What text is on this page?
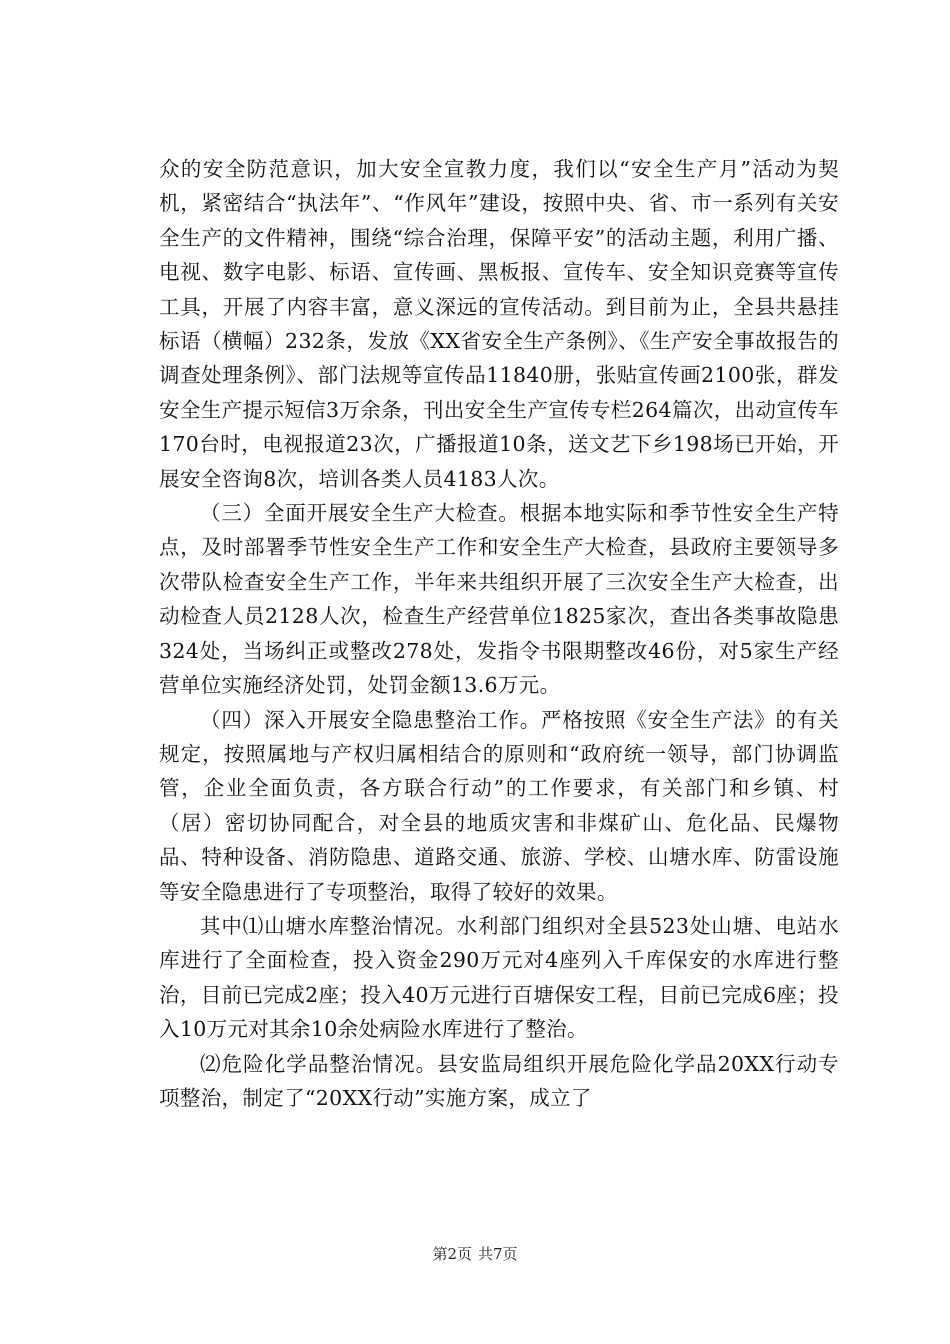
众的安全防范意识，加大安全宣教力度，我们以“安全生产月”活动为契机，紧密结合“执法年”、“作风年”建设，按照中央、省、市一系列有关安全生产的文件精神，围绕“综合治理，保障平安”的活动主题，利用广播、电视、数字电影、标语、宣传画、黑板报、宣传车、安全知识竞赛等宣传工具，开展了内容丰富，意义深远的宣传活动。到目前为止，全县共悬挂标语（横幅）232条，发放《XX省安全生产条例》、《生产安全事故报告的调查处理条例》、部门法规等宣传品11840册，张贴宣传画2100张，群发安全生产提示短信3万余条，刊出安全生产宣传专栏264篇次，出动宣传车170台时，电视报道23次，广播报道10条，送文艺下乡198场已开始，开展安全咨询8次，培训各类人员4183人次。

（三）全面开展安全生产大检查。根据本地实际和季节性安全生产特点，及时部署季节性安全生产工作和安全生产大检查，县政府主要领导多次带队检查安全生产工作，半年来共组织开展了三次安全生产大检查，出动检查人员2128人次，检查生产经营单位1825家次，查出各类事故隐患324处，当场纠正或整改278处，发指令书限期整改46份，对5家生产经营单位实施经济处罚，处罚金额13.6万元。

（四）深入开展安全隐患整治工作。严格按照《安全生产法》的有关规定，按照属地与产权归属相结合的原则和“政府统一领导，部门协调监管，企业全面负责，各方联合行动”的工作要求，有关部门和乡镇、村（居）密切协同配合，对全县的地质灾害和非煤矿山、危化品、民爆物品、特种设备、消防隐患、道路交通、旅游、学校、山塘水库、防雷设施等安全隐患进行了专项整治，取得了较好的效果。

其中⑴山塘水库整治情况。水利部门组织对全县523处山塘、电站水库进行了全面检查，投入资金290万元对4座列入千库保安的水库进行整治，目前已完成2座；投入40万元进行百塘保安工程，目前已完成6座；投入10万元对其余10余处病险水库进行了整治。

⑵危险化学品整治情况。县安监局组织开展危险化学品20XX行动专项整治，制定了“20XX行动”实施方案，成立了

第2页 共7页
